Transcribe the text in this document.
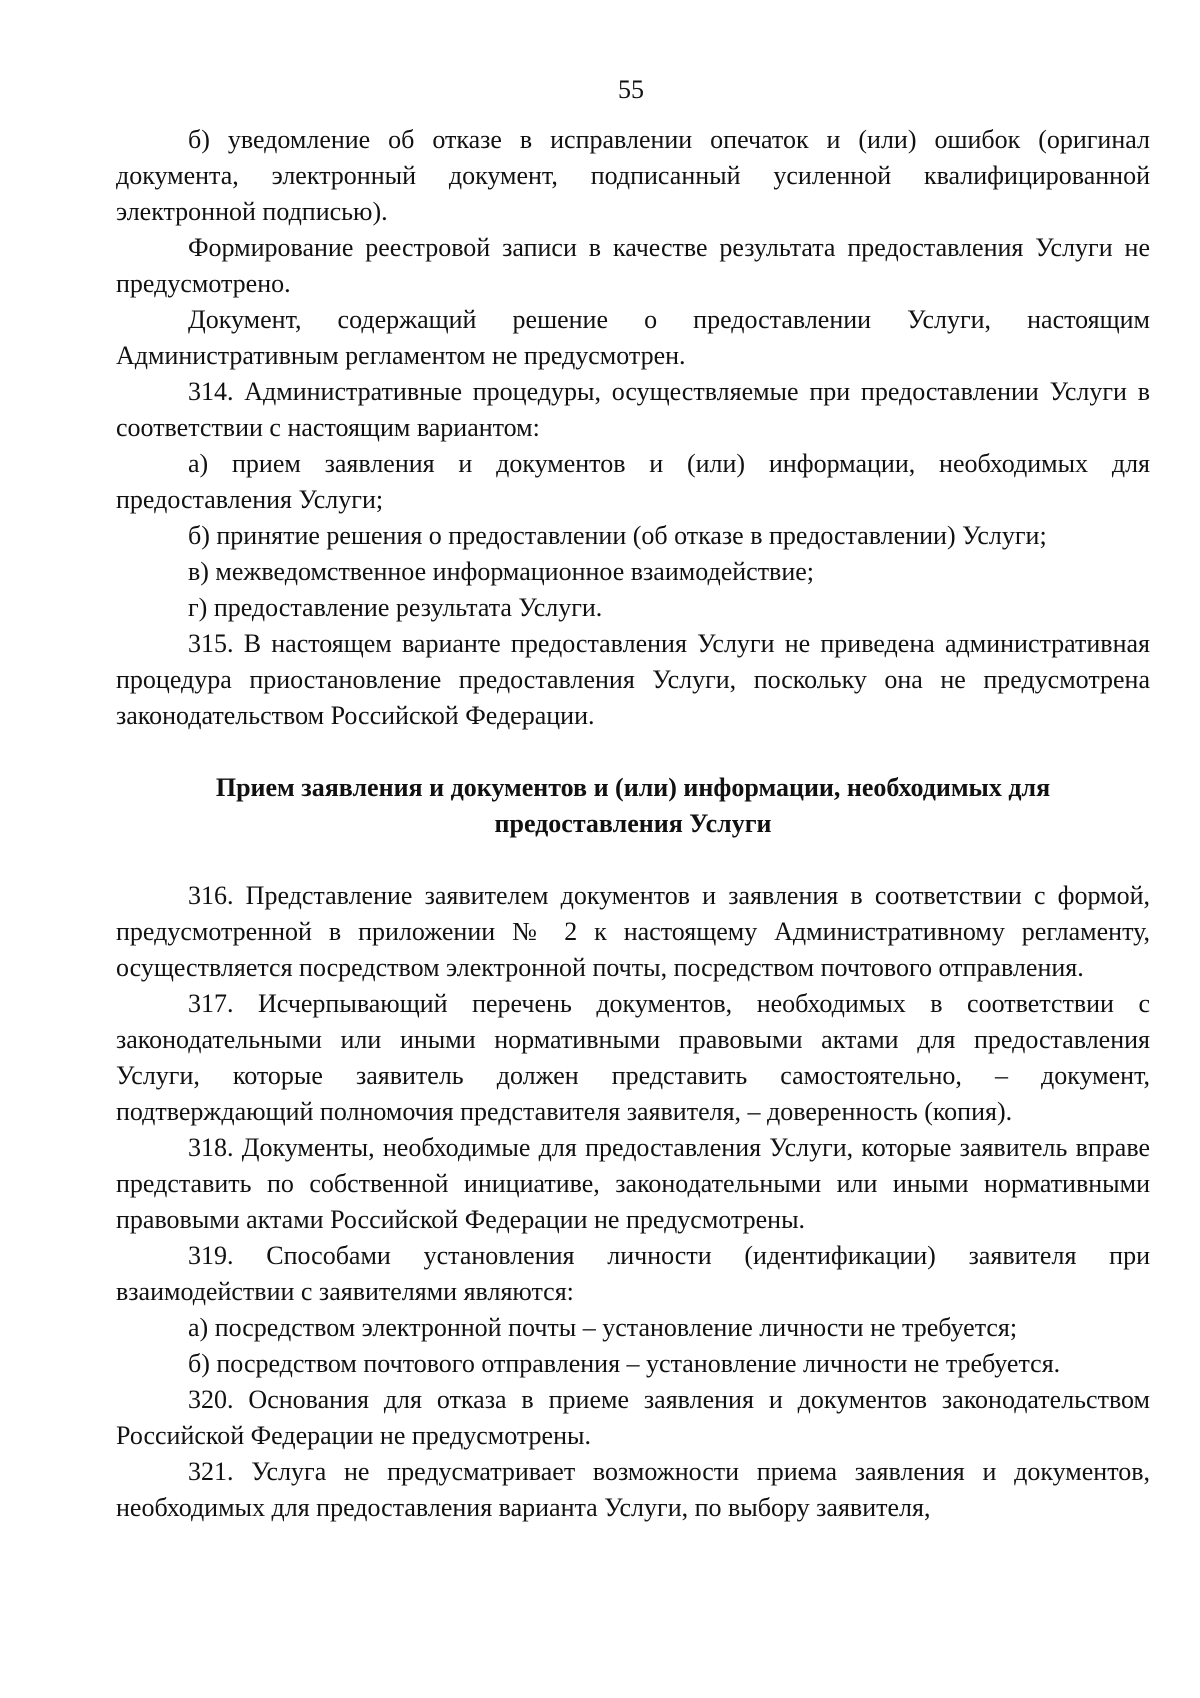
55

б) уведомление об отказе в исправлении опечаток и (или) ошибок (оригинал документа, электронный документ, подписанный усиленной квалифицированной электронной подписью).

Формирование реестровой записи в качестве результата предоставления Услуги не предусмотрено.

Документ, содержащий решение о предоставлении Услуги, настоящим Административным регламентом не предусмотрен.

314. Административные процедуры, осуществляемые при предоставлении Услуги в соответствии с настоящим вариантом:

а) прием заявления и документов и (или) информации, необходимых для предоставления Услуги;

б) принятие решения о предоставлении (об отказе в предоставлении) Услуги;

в) межведомственное информационное взаимодействие;

г) предоставление результата Услуги.

315. В настоящем варианте предоставления Услуги не приведена административная процедура приостановление предоставления Услуги, поскольку она не предусмотрена законодательством Российской Федерации.

Прием заявления и документов и (или) информации, необходимых для
предоставления Услуги

316. Представление заявителем документов и заявления в соответствии с формой, предусмотренной в приложении № 2 к настоящему Административному регламенту, осуществляется посредством электронной почты, посредством почтового отправления.

317. Исчерпывающий перечень документов, необходимых в соответствии с законодательными или иными нормативными правовыми актами для предоставления Услуги, которые заявитель должен представить самостоятельно, – документ, подтверждающий полномочия представителя заявителя, – доверенность (копия).

318. Документы, необходимые для предоставления Услуги, которые заявитель вправе представить по собственной инициативе, законодательными или иными нормативными правовыми актами Российской Федерации не предусмотрены.

319. Способами установления личности (идентификации) заявителя при взаимодействии с заявителями являются:

а) посредством электронной почты – установление личности не требуется;

б) посредством почтового отправления – установление личности не требуется.

320. Основания для отказа в приеме заявления и документов законодательством Российской Федерации не предусмотрены.

321. Услуга не предусматривает возможности приема заявления и документов, необходимых для предоставления варианта Услуги, по выбору заявителя,
